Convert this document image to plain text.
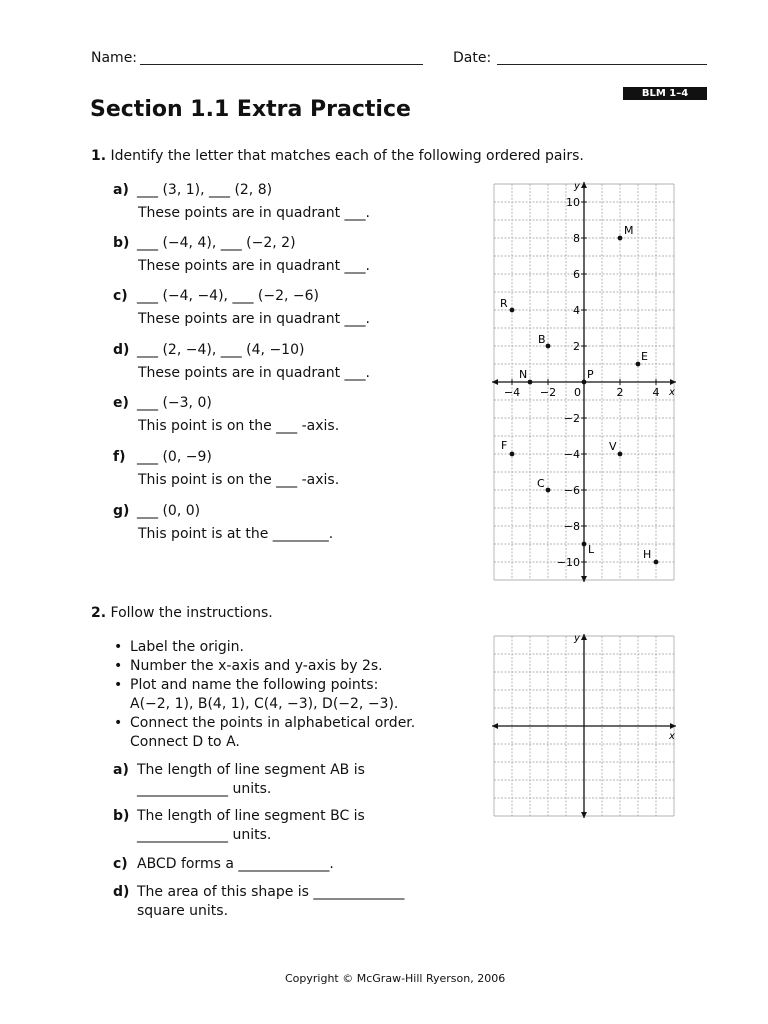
Name:	Date:
BLM 1–4
Section 1.1 Extra Practice
1. Identify the letter that matches each of the following ordered pairs.
a) ___ (3, 1), ___ (2, 8)
These points are in quadrant ___.
b) ___ (−4, 4), ___ (−2, 2)
These points are in quadrant ___.
c) ___ (−4, −4), ___ (−2, −6)
These points are in quadrant ___.
d) ___ (2, −4), ___ (4, −10)
These points are in quadrant ___.
e) ___ (−3, 0)
This point is on the ___ -axis.
f) ___ (0, −9)
This point is on the ___ -axis.
g) ___ (0, 0)
This point is at the ________.
x
y
−4 −2 0	2	4
10
8
6
4
2
−2
−4
−6
−8
−10
M
R
B
E
N	P
F	V
C
L	H
2. Follow the instructions.
• Label the origin.
• Number the x-axis and y-axis by 2s.
• Plot and name the following points:
A(−2, 1), B(4, 1), C(4, −3), D(−2, −3).
• Connect the points in alphabetical order.
Connect D to A.
a) The length of line segment AB is
_____________ units.
b) The length of line segment BC is
_____________ units.
c) ABCD forms a _____________.
d) The area of this shape is _____________
square units.
x
y
Copyright © McGraw-Hill Ryerson, 2006
